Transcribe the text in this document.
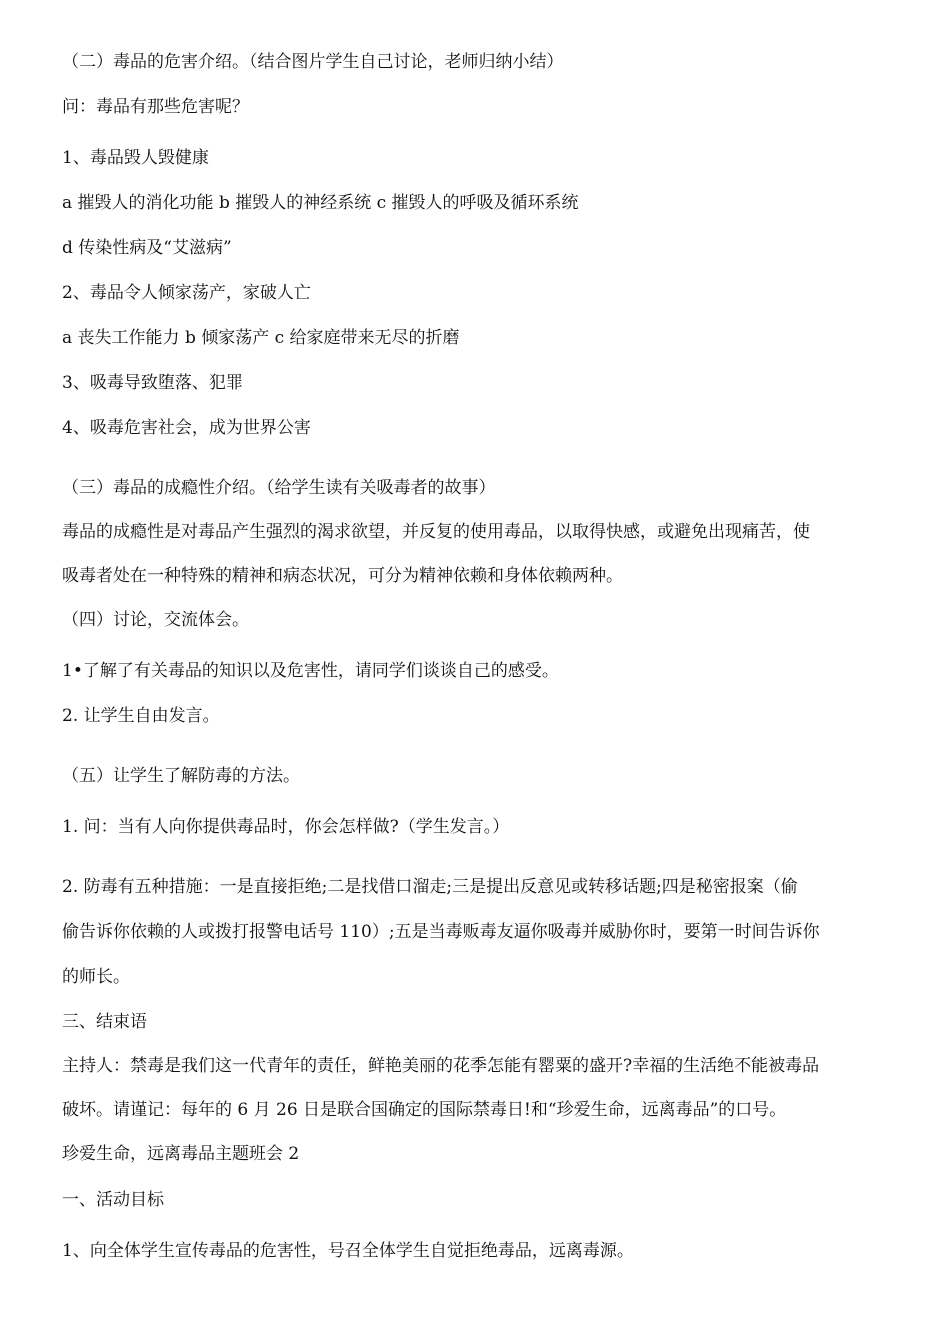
（二）毒品的危害介绍。（结合图片学生自己讨论，老师归纳小结）
问：毒品有那些危害呢？
1、毒品毁人毁健康
a 摧毁人的消化功能 b 摧毁人的神经系统 c 摧毁人的呼吸及循环系统
d 传染性病及“艾滋病”
2、毒品令人倾家荡产，家破人亡
a 丧失工作能力 b 倾家荡产 c 给家庭带来无尽的折磨
3、吸毒导致堕落、犯罪
4、吸毒危害社会，成为世界公害
（三）毒品的成瘾性介绍。（给学生读有关吸毒者的故事）
毒品的成瘾性是对毒品产生强烈的渴求欲望，并反复的使用毒品，以取得快感，或避免出现痛苦，使
吸毒者处在一种特殊的精神和病态状况，可分为精神依赖和身体依赖两种。
（四）讨论，交流体会。
1•了解了有关毒品的知识以及危害性，请同学们谈谈自己的感受。
2. 让学生自由发言。
（五）让学生了解防毒的方法。
1. 问：当有人向你提供毒品时，你会怎样做?（学生发言。）
2. 防毒有五种措施：一是直接拒绝;二是找借口溜走;三是提出反意见或转移话题;四是秘密报案（偷
偷告诉你依赖的人或拨打报警电话号 110）;五是当毒贩毒友逼你吸毒并威胁你时，要第一时间告诉你
的师长。
三、结束语
主持人：禁毒是我们这一代青年的责任，鲜艳美丽的花季怎能有罂粟的盛开?幸福的生活绝不能被毒品
破坏。请谨记：每年的 6 月 26 日是联合国确定的国际禁毒日!和“珍爱生命，远离毒品”的口号。
珍爱生命，远离毒品主题班会 2
一、活动目标
1、向全体学生宣传毒品的危害性，号召全体学生自觉拒绝毒品，远离毒源。
